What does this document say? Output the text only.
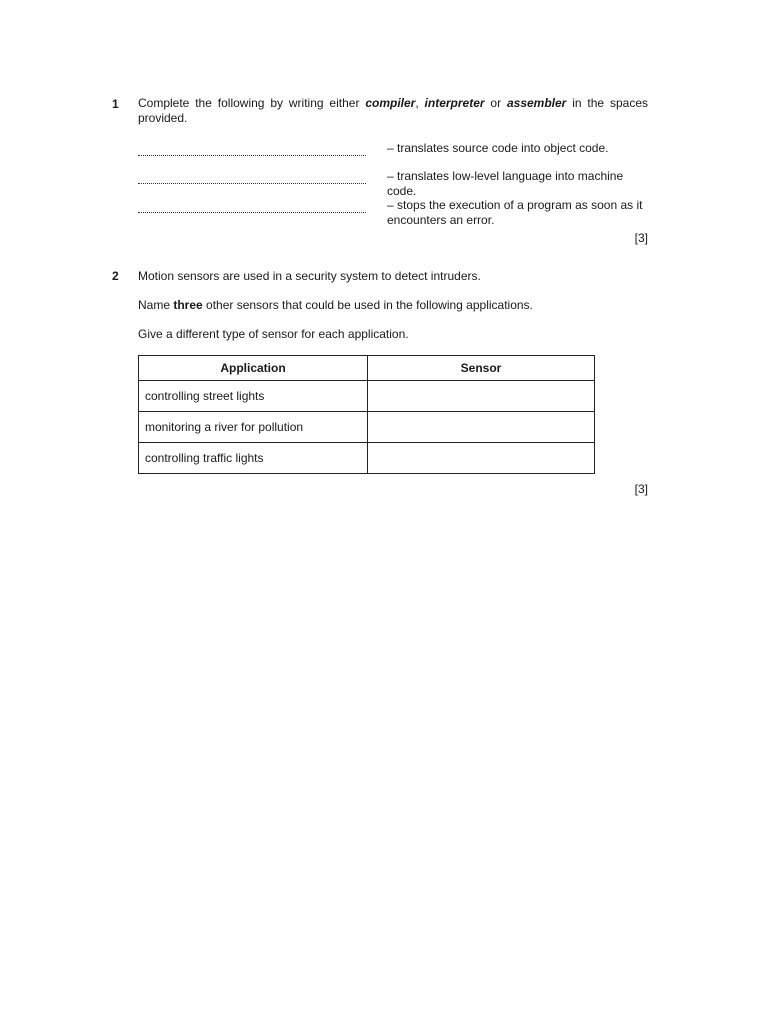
1 Complete the following by writing either compiler, interpreter or assembler in the spaces provided.
– translates source code into object code.
– translates low-level language into machine code.
– stops the execution of a program as soon as it encounters an error.
[3]
2 Motion sensors are used in a security system to detect intruders.
Name three other sensors that could be used in the following applications.
Give a different type of sensor for each application.
Application	Sensor
controlling street lights	
monitoring a river for pollution	
controlling traffic lights	
[3]
